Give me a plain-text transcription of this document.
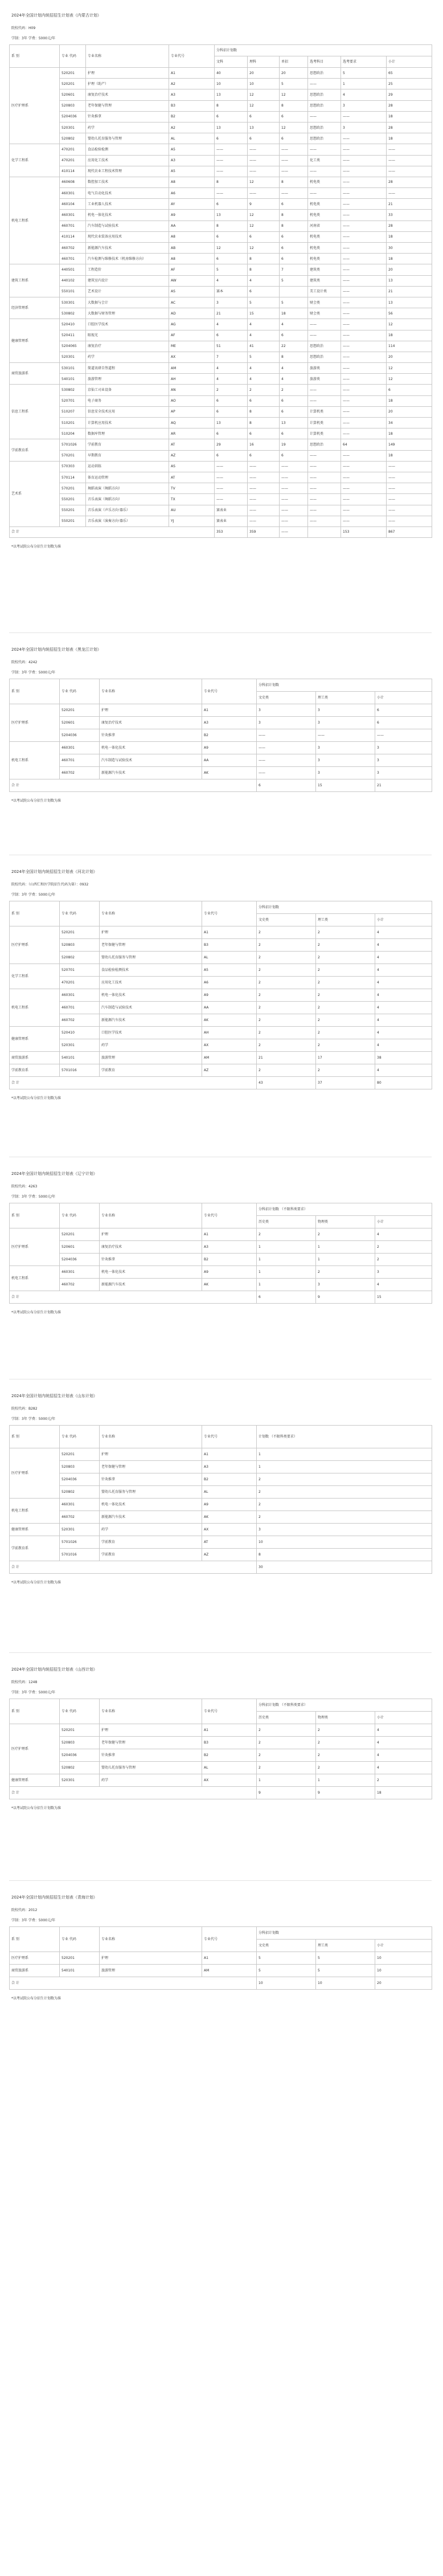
2024年全国计划内统招招生计划表（内蒙古计划）
院校代码：H09
学制：3年 学费：5000元/年
系 别	专业 代码	专业名称	专业代号	分科招计划数					
				文科	理科	单招	选考科目	选考要求	小计
医疗护理系	520201	护理	A1	40	20	20	思想政治	5	65
	520201	护理（助产）	A2	10	10	5	——	1	25
	520601	康复治疗技术	A3	13	12	12	思想政治	4	29
	520803	老年保健与管理	B3	8	12	8	思想政治	3	28
	5204036	针灸推拿	B2	6	6	6	——	——	18
	520301	药学	A2	13	13	12	思想政治	3	28
	520802	婴幼儿托育服务与管理	AL	6	6	6	思想政治	——	18
化学工程系	470201	食品检验检测	A5	——	——	——	——	——	——
	470201	应用化工技术	A3	——	——	——	化工类	——	——
	410114	现代农业工程技术管理	A5	——	——	——	——	——	——
机电工程系	460608	数控加工技术	A8	8	12	8	机电类	——	28
	460301	电气自动化技术	A6	——	——	——	——	——	——
	460104	工业机器人技术	AY	6	9	6	机电类	——	21
	460301	机电一体化技术	A9	13	12	8	机电类	——	33
	460701	汽车制造与试验技术	AA	8	12	8	河南省	——	28
	410114	现代农业装备应用技术	A8	6	6	6	机电类	——	18
	460702	新能源汽车技术	AB	12	12	6	机电类	——	30
	460701	汽车检测与维修技术（机房维修方向）	A8	6	8	6	机电类	——	18
建筑工程系	440501	工程造价	AF	5	8	7	建筑类	——	20
	440102	建筑室内设计	AW	4	4	5	建筑类	——	13
	550101	艺术设计	AS	赛本	6		美工设计类	——	21
经济管理系	530301	大数据与会计	AC	3	5	5	财会类	——	13
	530802	大数据与财务管理	AD	21	15	18	财会类	——	56
健康管理系	520410	口腔医学技术	AG	4	4	4	——	——	12
	520411	眼视光	AF	6	4	6	——	——	18
	5204065	康复治疗	ME	51	41	22	思想政治	——	114
	520301	药学	AX	7	5	8	思想政治	——	20
商贸旅游系	530101	简道讯研自签道程	AM	4	4	4	旅游类	——	12
	540101	旅游管理	AH	4	4	4	旅游类	——	12
信息工程系	530802	京仙工司业设备	AN	2	2	2	——	——	6
	520701	电子商务	AO	6	6	6	——	——	18
	510207	信息安全技术应用	AP	6	8	6	计算机类	——	20
	510201	计算机应用技术	AQ	13	8	13	计算机类	——	34
	510204	数据库管理	AR	6	6	6	计算机类	——	18
学前教育系	5701026	学前教育	AT	29	16	19	思想政治	64	149
	570201	早期教育	AZ	6	6	6	——	——	18
艺术系	570303	运动训练	AS	——	——	——	——	——	——
	570114	体育运动管理	AT	——	——	——	——	——	——
	570201	舞蹈表演（舞蹈方向）	TV	——	——	——	——	——	——
	550201	音乐表演（舞蹈方向）	TX	——	——	——	——	——	——
	550201	音乐表演（声乐方向·器乐）	AU	赛表业	——	——	——	——	——
	550201	音乐表演（演奏方向·器乐）	YJ	赛表业	——	——	——	——	——
合 计				353	359	——		153	867
*以考试院公布分招生计划数为准
2024年全国计划内统招招生计划表（黑龙江计划）
院校代码：4242
学制：3年 学费：5000元/年
系 别	专业 代码	专业名称	专业代号	分科招计划数		
				文史类	理工类	小计
医疗护理系	520201	护理	A1	3	3	6
	520601	康复治疗技术	A3	3	3	6
	5204036	针灸推拿	B2	——	——	——
机电工程系	460301	机电一体化技术	A9	——	3	3
	460701	汽车制造与试验技术	AA	——	3	3
	460702	新能源汽车技术	AK	——	3	3
合 计				6	15	21
*以考试院公布分招生计划数为准
2024年全国计划内统招招生计划表（河北计划）
院校代码：（山西仁和医学院招生代码为第）：0932
学制：3年 学费：5000元/年
系 别	专业 代码	专业名称	专业代号	分科招计划数		
				文史类	理工类	小计
医疗护理系	520201	护理	A1	2	2	4
	520803	老年保健与管理	B3	2	2	4
	520802	婴幼儿托育服务与管理	AL	2	2	4
化学工程系	520701	食品检验检测技术	A5	2	2	4
	470201	应用化工技术	A6	2	2	4
机电工程系	460301	机电一体化技术	A9	2	2	4
	460701	汽车制造与试验技术	AA	2	2	4
	460702	新能源汽车技术	AK	2	2	4
健康管理系	520410	口腔医学技术	AH	2	2	4
	520301	药学	AX	2	2	4
商贸旅游系	540101	旅游管理	AM	21	17	38
学前教育系	5701016	学前教育	AZ	2	2	4
合 计				43	37	80
*以考试院公布分招生计划数为准
2024年全国计划内统招招生计划表（辽宁计划）
院校代码：4263
学制：3年 学费：5000元/年
系 别	专业 代码	专业名称	专业代号	分科招计划数 （不限科类要求）		
				历史类	物理类	小计
医疗护理系	520201	护理	A1	2	2	4
	520601	康复治疗技术	A3	1	1	2
	5204036	针灸推拿	B2	1	1	2
机电工程系	460301	机电一体化技术	A9	1	2	3
	460702	新能源汽车技术	AK	1	3	4
合 计				6	9	15
*以考试院公布分招生计划数为准
2024年全国计划内统招招生计划表（山东计划）
院校代码：B282
学制：3年 学费：5000元/年
系 别	专业 代码	专业名称	专业代号	计划数 （不限科类要求）
医疗护理系	520201	护理	A1	1
	520803	老年保健与管理	A3	1
	5204036	针灸推拿	B2	2
	520802	婴幼儿托育服务与管理	AL	2
机电工程系	460301	机电一体化技术	A9	2
	460702	新能源汽车技术	AK	2
健康管理系	520301	药学	AX	3
学前教育系	5701026	学前教育	AT	10
	5701016	学前教育	AZ	8
合 计				30
*以考试院公布分招生计划数为准
2024年全国计划内统招招生计划表（山西计划）
院校代码：1248
学制：3年 学费：5000元/年
系 别	专业 代码	专业名称	专业代号	分科招计划数 （不限科类要求）		
				历史类	物理类	小计
医疗护理系	520201	护理	A1	2	2	4
	520803	老年保健与管理	B3	2	2	4
	5204036	针灸推拿	B2	2	2	4
	520802	婴幼儿托育服务与管理	AL	2	2	4
健康管理系	520301	药学	AX	1	1	2
合 计				9	9	18
*以考试院公布分招生计划数为准
2024年全国计划内统招招生计划表（青海计划）
院校代码：2012
学制：3年 学费：5000元/年
系 别	专业 代码	专业名称	专业代号	分科招计划数		
				文史类	理工类	小计
医疗护理系	520201	护理	A1	5	5	10
商贸旅游系	540101	旅游管理	AM	5	5	10
合 计				10	10	20
*以考试院公布分招生计划数为准
